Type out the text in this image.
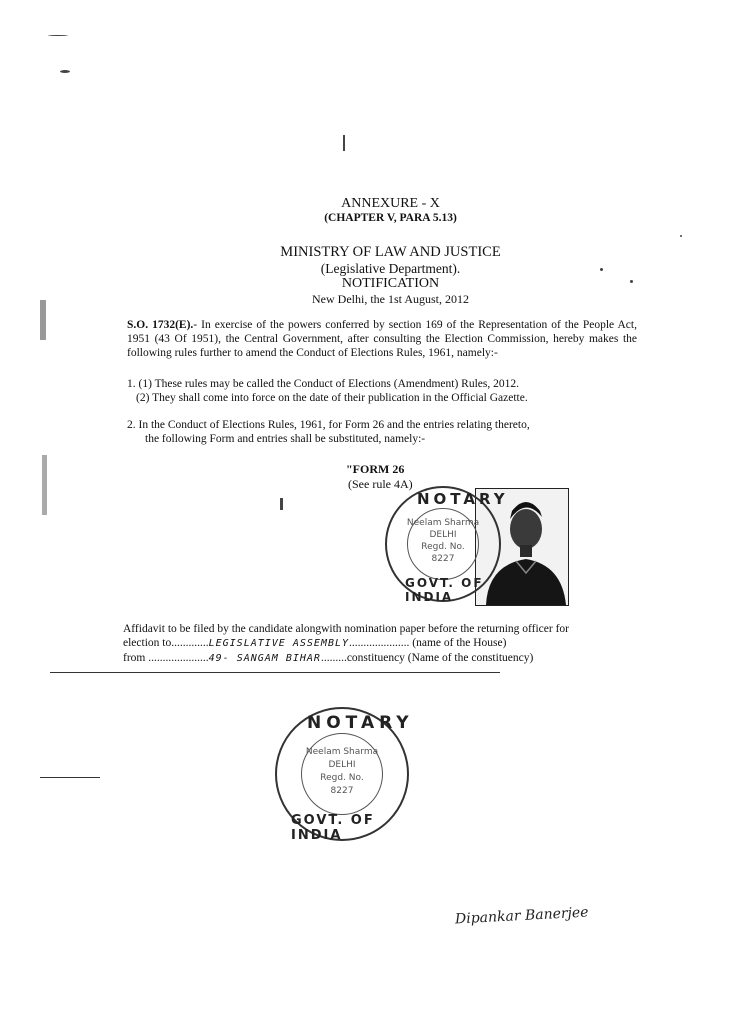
ANNEXURE - X
(CHAPTER V, PARA 5.13)
MINISTRY OF LAW AND JUSTICE
(Legislative Department).
NOTIFICATION
New Delhi, the 1st August, 2012
S.O. 1732(E).- In exercise of the powers conferred by section 169 of the Representation of the People Act, 1951 (43 Of 1951), the Central Government, after consulting the Election Commission, hereby makes the following rules further to amend the Conduct of Elections Rules, 1961, namely:-
1. (1) These rules may be called the Conduct of Elections (Amendment) Rules, 2012.
(2) They shall come into force on the date of their publication in the Official Gazette.
2. In the Conduct of Elections Rules, 1961, for Form 26 and the entries relating thereto,
the following Form and entries shall be substituted, namely:-
"FORM 26
(See rule 4A)
NOTARY
Neelam Sharma
DELHI
Regd. No.
8227
GOVT. OF INDIA
Affidavit to be filed by the candidate alongwith nomination paper before the returning officer for
election to.............LEGISLATIVE ASSEMBLY..................... (name of the House)
from .....................49- SANGAM BIHAR.........constituency (Name of the constituency)
NOTARY
Neelam Sharma
DELHI
Regd. No.
8227
GOVT. OF INDIA
Dipankar Banerjee
